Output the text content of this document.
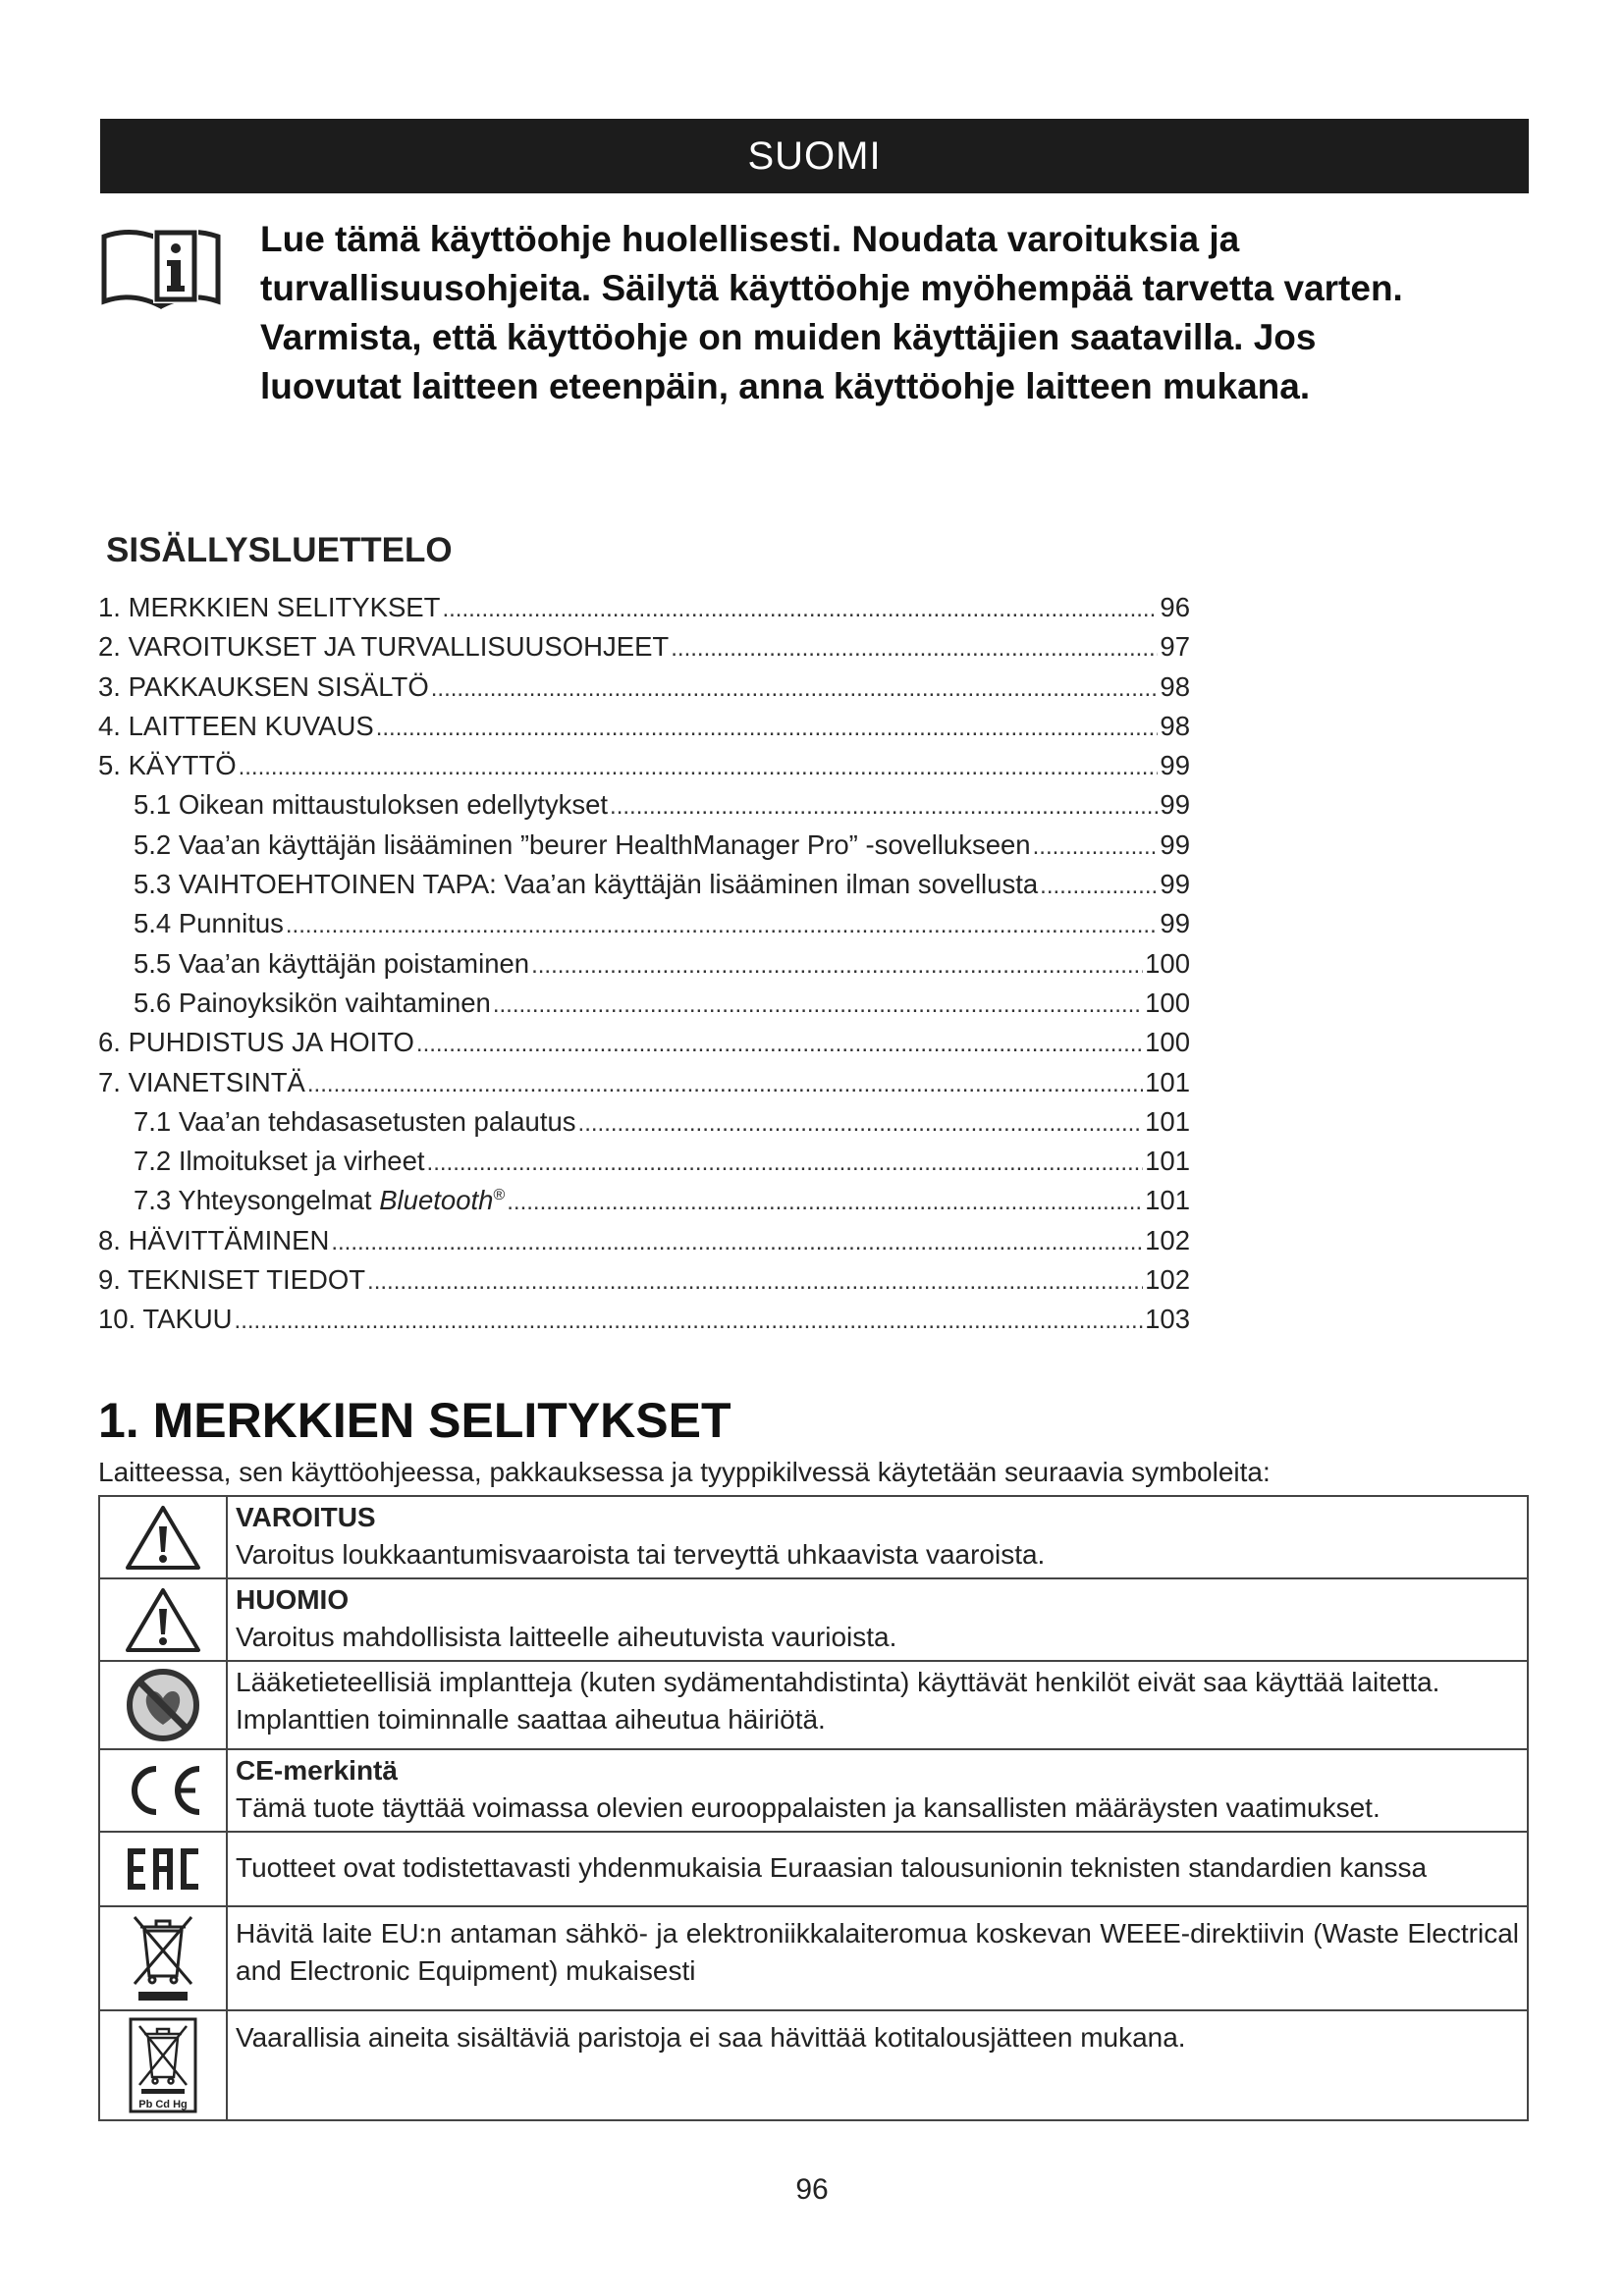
SUOMI

Lue tämä käyttöohje huolellisesti. Noudata varoituksia ja
turvallisuusohjeita. Säilytä käyttöohje myöhempää tarvetta varten.
Varmista, että käyttöohje on muiden käyttäjien saatavilla. Jos
luovutat laitteen eteenpäin, anna käyttöohje laitteen mukana.

SISÄLLYSLUETTELO
1. MERKKIEN SELITYKSET .....	96
2. VAROITUKSET JA TURVALLISUUSOHJEET .....	97
3. PAKKAUKSEN SISÄLTÖ .....	98
4. LAITTEEN KUVAUS .....	98
5. KÄYTTÖ .....	99
5.1 Oikean mittaustuloksen edellytykset .....	99
5.2 Vaa’an käyttäjän lisääminen ”beurer HealthManager Pro” -sovellukseen .....	99
5.3 VAIHTOEHTOINEN TAPA: Vaa’an käyttäjän lisääminen ilman sovellusta .....	99
5.4 Punnitus .....	99
5.5 Vaa’an käyttäjän poistaminen .....	100
5.6 Painoyksikön vaihtaminen .....	100
6. PUHDISTUS JA HOITO .....	100
7. VIANETSINTÄ .....	101
7.1 Vaa’an tehdasasetusten palautus .....	101
7.2 Ilmoitukset ja virheet .....	101
7.3 Yhteysongelmat Bluetooth® .....	101
8. HÄVITTÄMINEN .....	102
9. TEKNISET TIEDOT .....	102
10. TAKUU .....	103
1. MERKKIEN SELITYKSET

Laitteessa, sen käyttöohjeessa, pakkauksessa ja tyyppikilvessä käytetään seuraavia symboleita:

VAROITUS
Varoitus loukkaantumisvaaroista tai terveyttä uhkaavista vaaroista.

HUOMIO
Varoitus mahdollisista laitteelle aiheutuvista vaurioista.

Lääketieteellisiä implantteja (kuten sydämentahdistinta) käyttävät henkilöt eivät saa käyttää laitetta. Implanttien toiminnalle saattaa aiheutua häiriötä.

CE-merkintä
Tämä tuote täyttää voimassa olevien eurooppalaisten ja kansallisten määräysten vaatimukset.

Tuotteet ovat todistettavasti yhdenmukaisia Euraasian talousunionin teknisten standardien kanssa

Hävitä laite EU:n antaman sähkö- ja elektroniikkalaiteromua koskevan WEEE-direktiivin (Waste Electrical and Electronic Equipment) mukaisesti

Pb Cd Hg	Vaarallisia aineita sisältäviä paristoja ei saa hävittää kotitalousjätteen mukana.

96
